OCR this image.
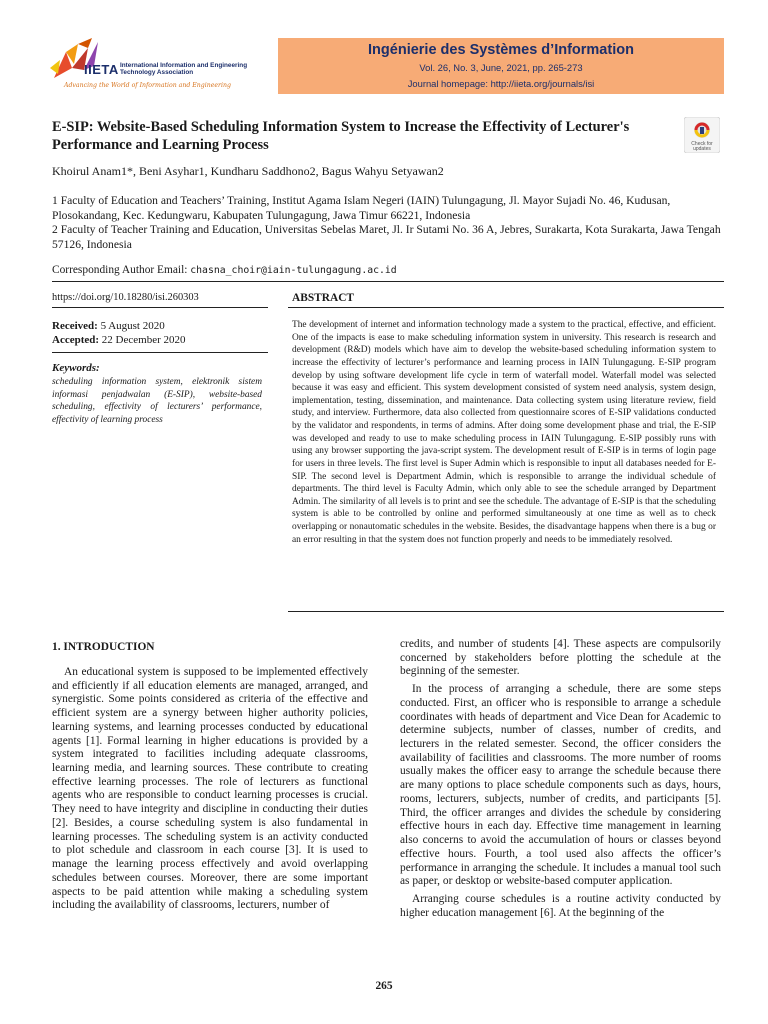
IIETA International Information and Engineering Technology Association
Advancing the World of Information and Engineering
Ingénierie des Systèmes d’Information
Vol. 26, No. 3, June, 2021, pp. 265-273
Journal homepage: http://iieta.org/journals/isi
E-SIP: Website-Based Scheduling Information System to Increase the Effectivity of Lecturer's Performance and Learning Process	Check for
updates
Khoirul Anam1*, Beni Asyhar1, Kundharu Saddhono2, Bagus Wahyu Setyawan2
1 Faculty of Education and Teachers’ Training, Institut Agama Islam Negeri (IAIN) Tulungagung, Jl. Mayor Sujadi No. 46, Kudusan, Plosokandang, Kec. Kedungwaru, Kabupaten Tulungagung, Jawa Timur 66221, Indonesia
2 Faculty of Teacher Training and Education, Universitas Sebelas Maret, Jl. Ir Sutami No. 36 A, Jebres, Surakarta, Kota Surakarta, Jawa Tengah 57126, Indonesia
Corresponding Author Email: chasna_choir@iain-tulungagung.ac.id
https://doi.org/10.18280/isi.260303
Received: 5 August 2020
Accepted: 22 December 2020
Keywords:
scheduling information system, elektronik sistem informasi penjadwalan (E-SIP), website-based scheduling, effectivity of lecturers’ performance, effectivity of learning process
ABSTRACT
The development of internet and information technology made a system to the practical, effective, and efficient. One of the impacts is ease to make scheduling information system in university. This research is research and development (R&D) models which have aim to develop the website-based scheduling information system to increase the effectivity of lecturer’s performance and learning process in IAIN Tulungagung. E-SIP program develop by using software development life cycle in term of waterfall model. Waterfall model was selected because it was easy and efficient. This system development consisted of system need analysis, system design, implementation, testing, dissemination, and maintenance. Data collecting system using literature review, field study, and interview. Furthermore, data also collected from questionnaire scores of E-SIP validations conducted by the validator and respondents, in terms of admins. After doing some development phase and trial, the E-SIP was developed and ready to use to make scheduling process in IAIN Tulungagung. E-SIP possibly runs with using any browser supporting the java-script system. The development result of E-SIP is in terms of login page for users in three levels. The first level is Super Admin which is responsible to input all databases needed for E-SIP. The second level is Department Admin, which is responsible to arrange the individual schedule of departments. The third level is Faculty Admin, which only able to see the schedule arranged by Department Admin. The similarity of all levels is to print and see the schedule. The advantage of E-SIP is that the scheduling system is able to be controlled by online and performed simultaneously at one time as well as to check overlapping or nonautomatic schedules in the website. Besides, the disadvantage happens when there is a bug or an error resulting in that the system does not function properly and needs to be immediately resolved.
1. INTRODUCTION

An educational system is supposed to be implemented effectively and efficiently if all education elements are managed, arranged, and synergistic. Some points considered as criteria of the effective and efficient system are a synergy between higher authority policies, learning systems, and learning processes conducted by educational agents [1]. Formal learning in higher educations is provided by a system integrated to facilities including adequate classrooms, learning media, and learning sources. These contribute to creating effective learning processes. The role of lecturers as functional agents who are responsible to conduct learning processes is crucial. They need to have integrity and discipline in conducting their duties [2]. Besides, a course scheduling system is also fundamental in learning processes. The scheduling system is an activity conducted to plot schedule and classroom in each course [3]. It is used to manage the learning process effectively and avoid overlapping schedules between courses. Moreover, there are some important aspects to be paid attention while making a scheduling system including the availability of classrooms, lecturers, number of

credits, and number of students [4]. These aspects are compulsorily concerned by stakeholders before plotting the schedule at the beginning of the semester.

In the process of arranging a schedule, there are some steps conducted. First, an officer who is responsible to arrange a schedule coordinates with heads of department and Vice Dean for Academic to determine subjects, number of classes, number of credits, and lecturers in the related semester. Second, the officer considers the availability of facilities and classrooms. The more number of rooms usually makes the officer easy to arrange the schedule because there are many options to place schedule components such as days, hours, rooms, lecturers, subjects, number of credits, and participants [5]. Third, the officer arranges and divides the schedule by considering effective hours in each day. Effective time management in learning also concerns to avoid the accumulation of hours or classes beyond effective hours. Fourth, a tool used also affects the officer’s performance in arranging the schedule. It includes a manual tool such as paper, or desktop or website-based computer application.

Arranging course schedules is a routine activity conducted by higher education management [6]. At the beginning of the

265
